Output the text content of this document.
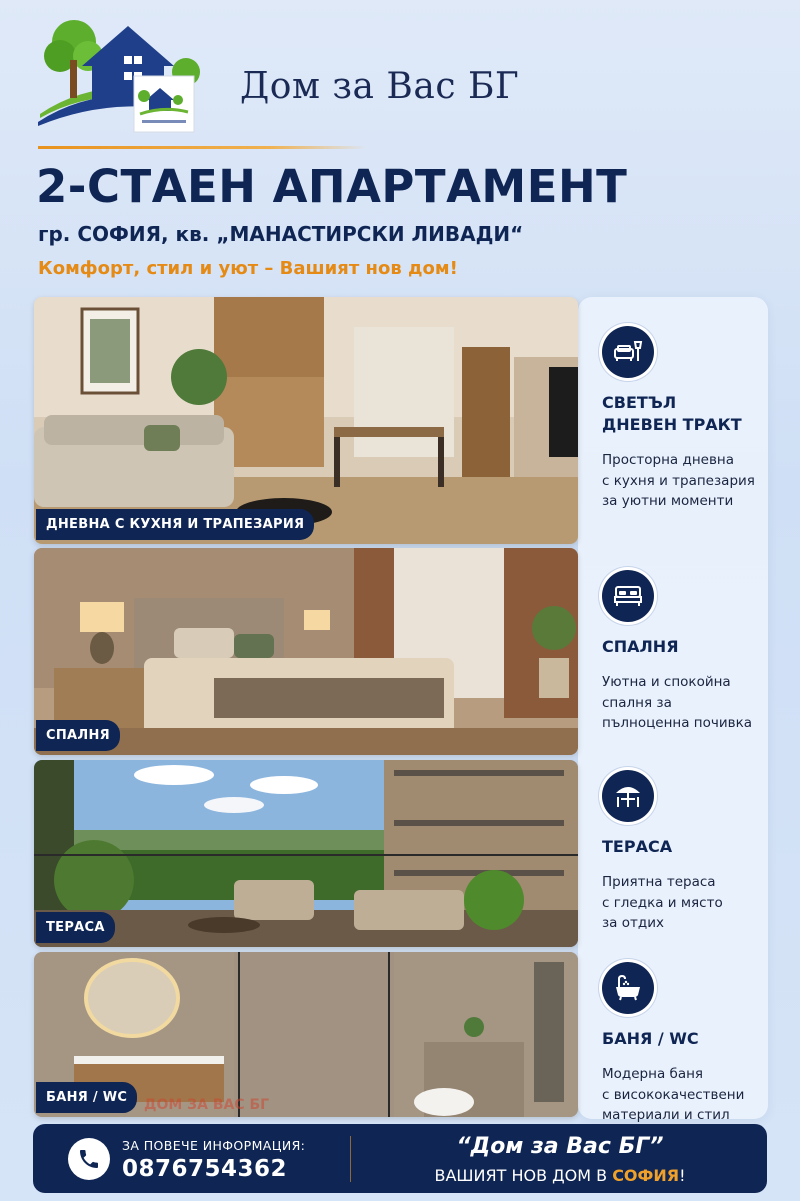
Дом за Вас БГ
2-СТАЕН АПАРТАМЕНТ
гр. СОФИЯ, кв. „МАНАСТИРСКИ ЛИВАДИ“
Комфорт, стил и уют – Вашият нов дом!
ДНЕВНА С КУХНЯ И ТРАПЕЗАРИЯ
СПАЛНЯ
ТЕРАСА
БАНЯ / WC	ДОМ ЗА ВАС БГ
СВЕТЪЛ
ДНЕВЕН ТРАКТ
Просторна дневна
с кухня и трапезария
за уютни моменти
СПАЛНЯ
Уютна и спокойна
спалня за
пълноценна почивка
ТЕРАСА
Приятна тераса
с гледка и място
за отдих
БАНЯ / WC
Модерна баня
с висококачествени
материали и стил
ЗА ПОВЕЧЕ ИНФОРМАЦИЯ:
0876754362
“Дом за Вас БГ”
ВАШИЯТ НОВ ДОМ В СОФИЯ!
